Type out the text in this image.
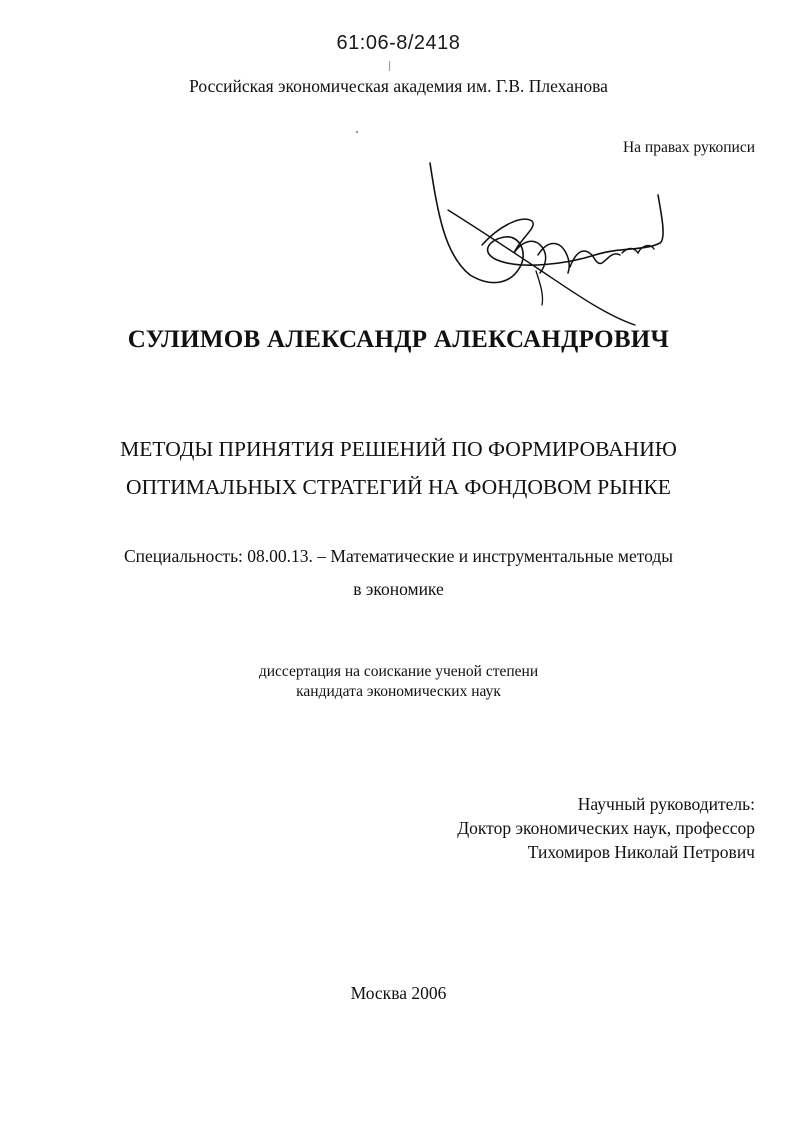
61:06-8/2418
Российская экономическая академия им. Г.В. Плеханова
На правах рукописи
СУЛИМОВ АЛЕКСАНДР АЛЕКСАНДРОВИЧ
МЕТОДЫ ПРИНЯТИЯ РЕШЕНИЙ ПО ФОРМИРОВАНИЮ
ОПТИМАЛЬНЫХ СТРАТЕГИЙ НА ФОНДОВОМ РЫНКЕ
Специальность: 08.00.13. – Математические и инструментальные методы
в экономике
диссертация на соискание ученой степени
кандидата экономических наук
Научный руководитель:
Доктор экономических наук, профессор
Тихомиров Николай Петрович
Москва 2006
